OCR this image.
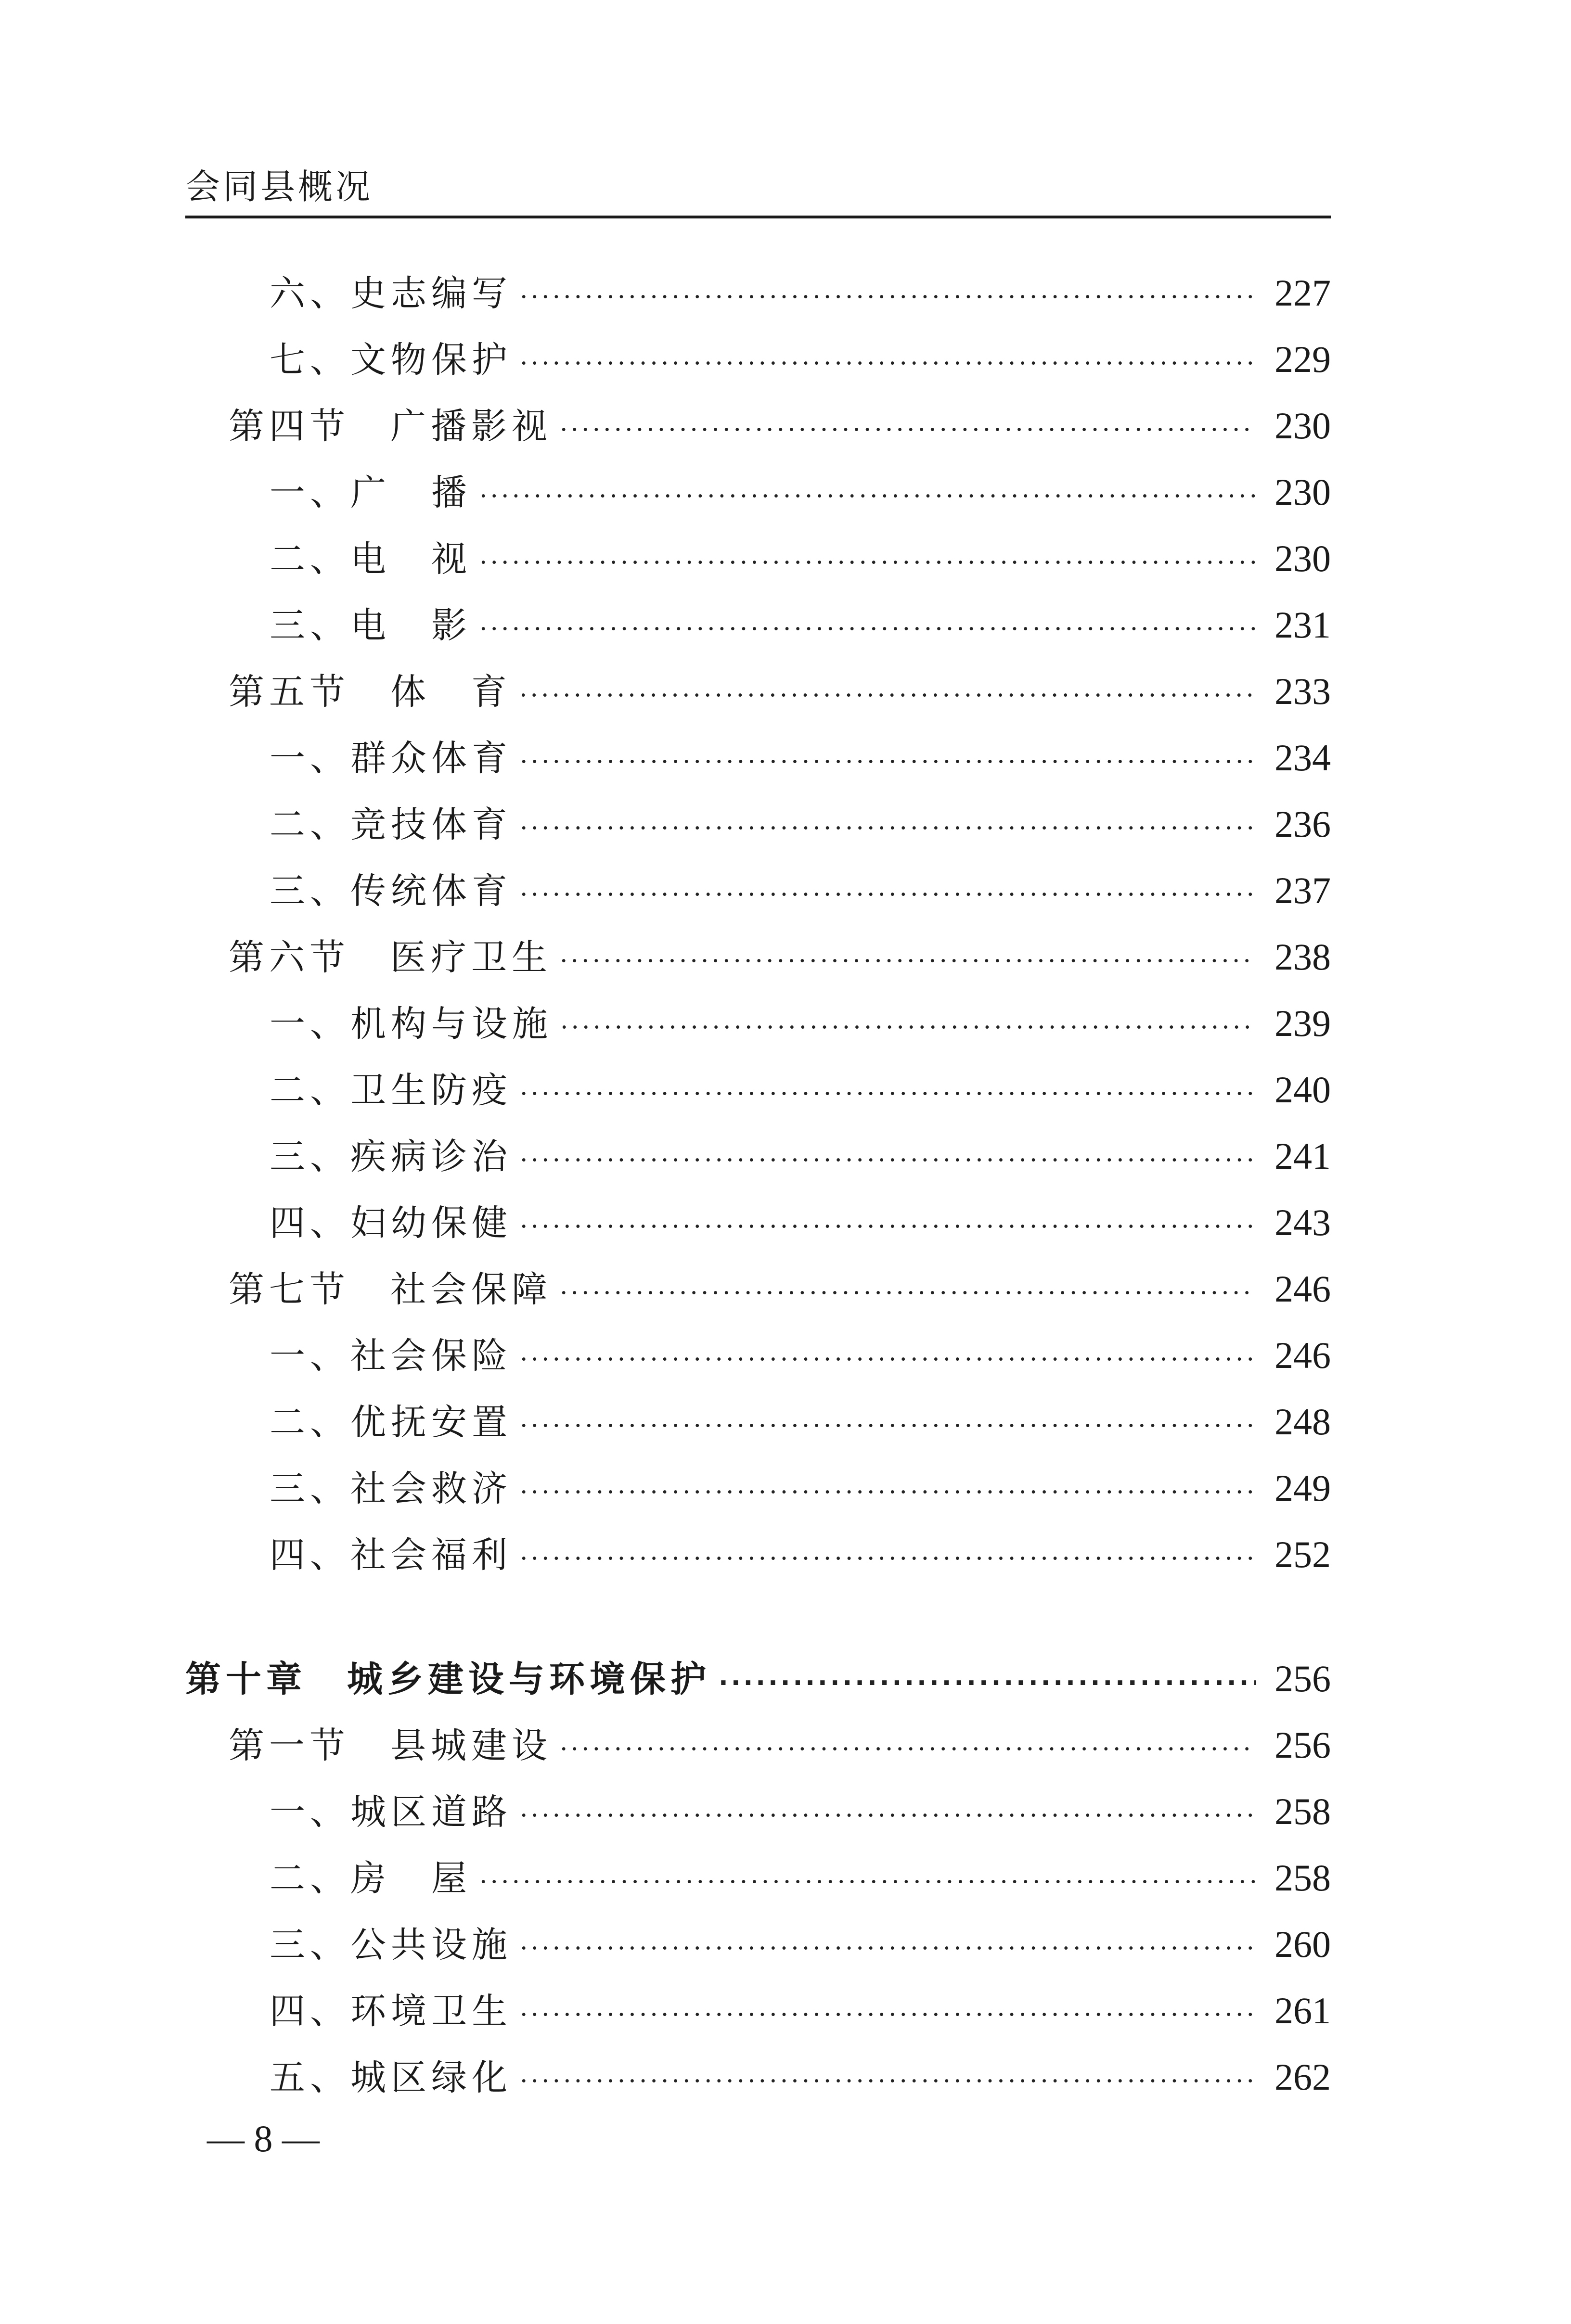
会同县概况
六、史志编写 ·····	227
七、文物保护 ·····	229
第四节　广播影视 ·····	230
一、广　播 ·····	230
二、电　视 ·····	230
三、电　影 ·····	231
第五节　体　育 ·····	233
一、群众体育 ·····	234
二、竞技体育 ·····	236
三、传统体育 ·····	237
第六节　医疗卫生 ·····	238
一、机构与设施 ·····	239
二、卫生防疫 ·····	240
三、疾病诊治 ·····	241
四、妇幼保健 ·····	243
第七节　社会保障 ·····	246
一、社会保险 ·····	246
二、优抚安置 ·····	248
三、社会救济 ·····	249
四、社会福利 ·····	252
第十章　城乡建设与环境保护 ·····	256
第一节　县城建设 ·····	256
一、城区道路 ·····	258
二、房　屋 ·····	258
三、公共设施 ·····	260
四、环境卫生 ·····	261
五、城区绿化 ·····	262
— 8 —
